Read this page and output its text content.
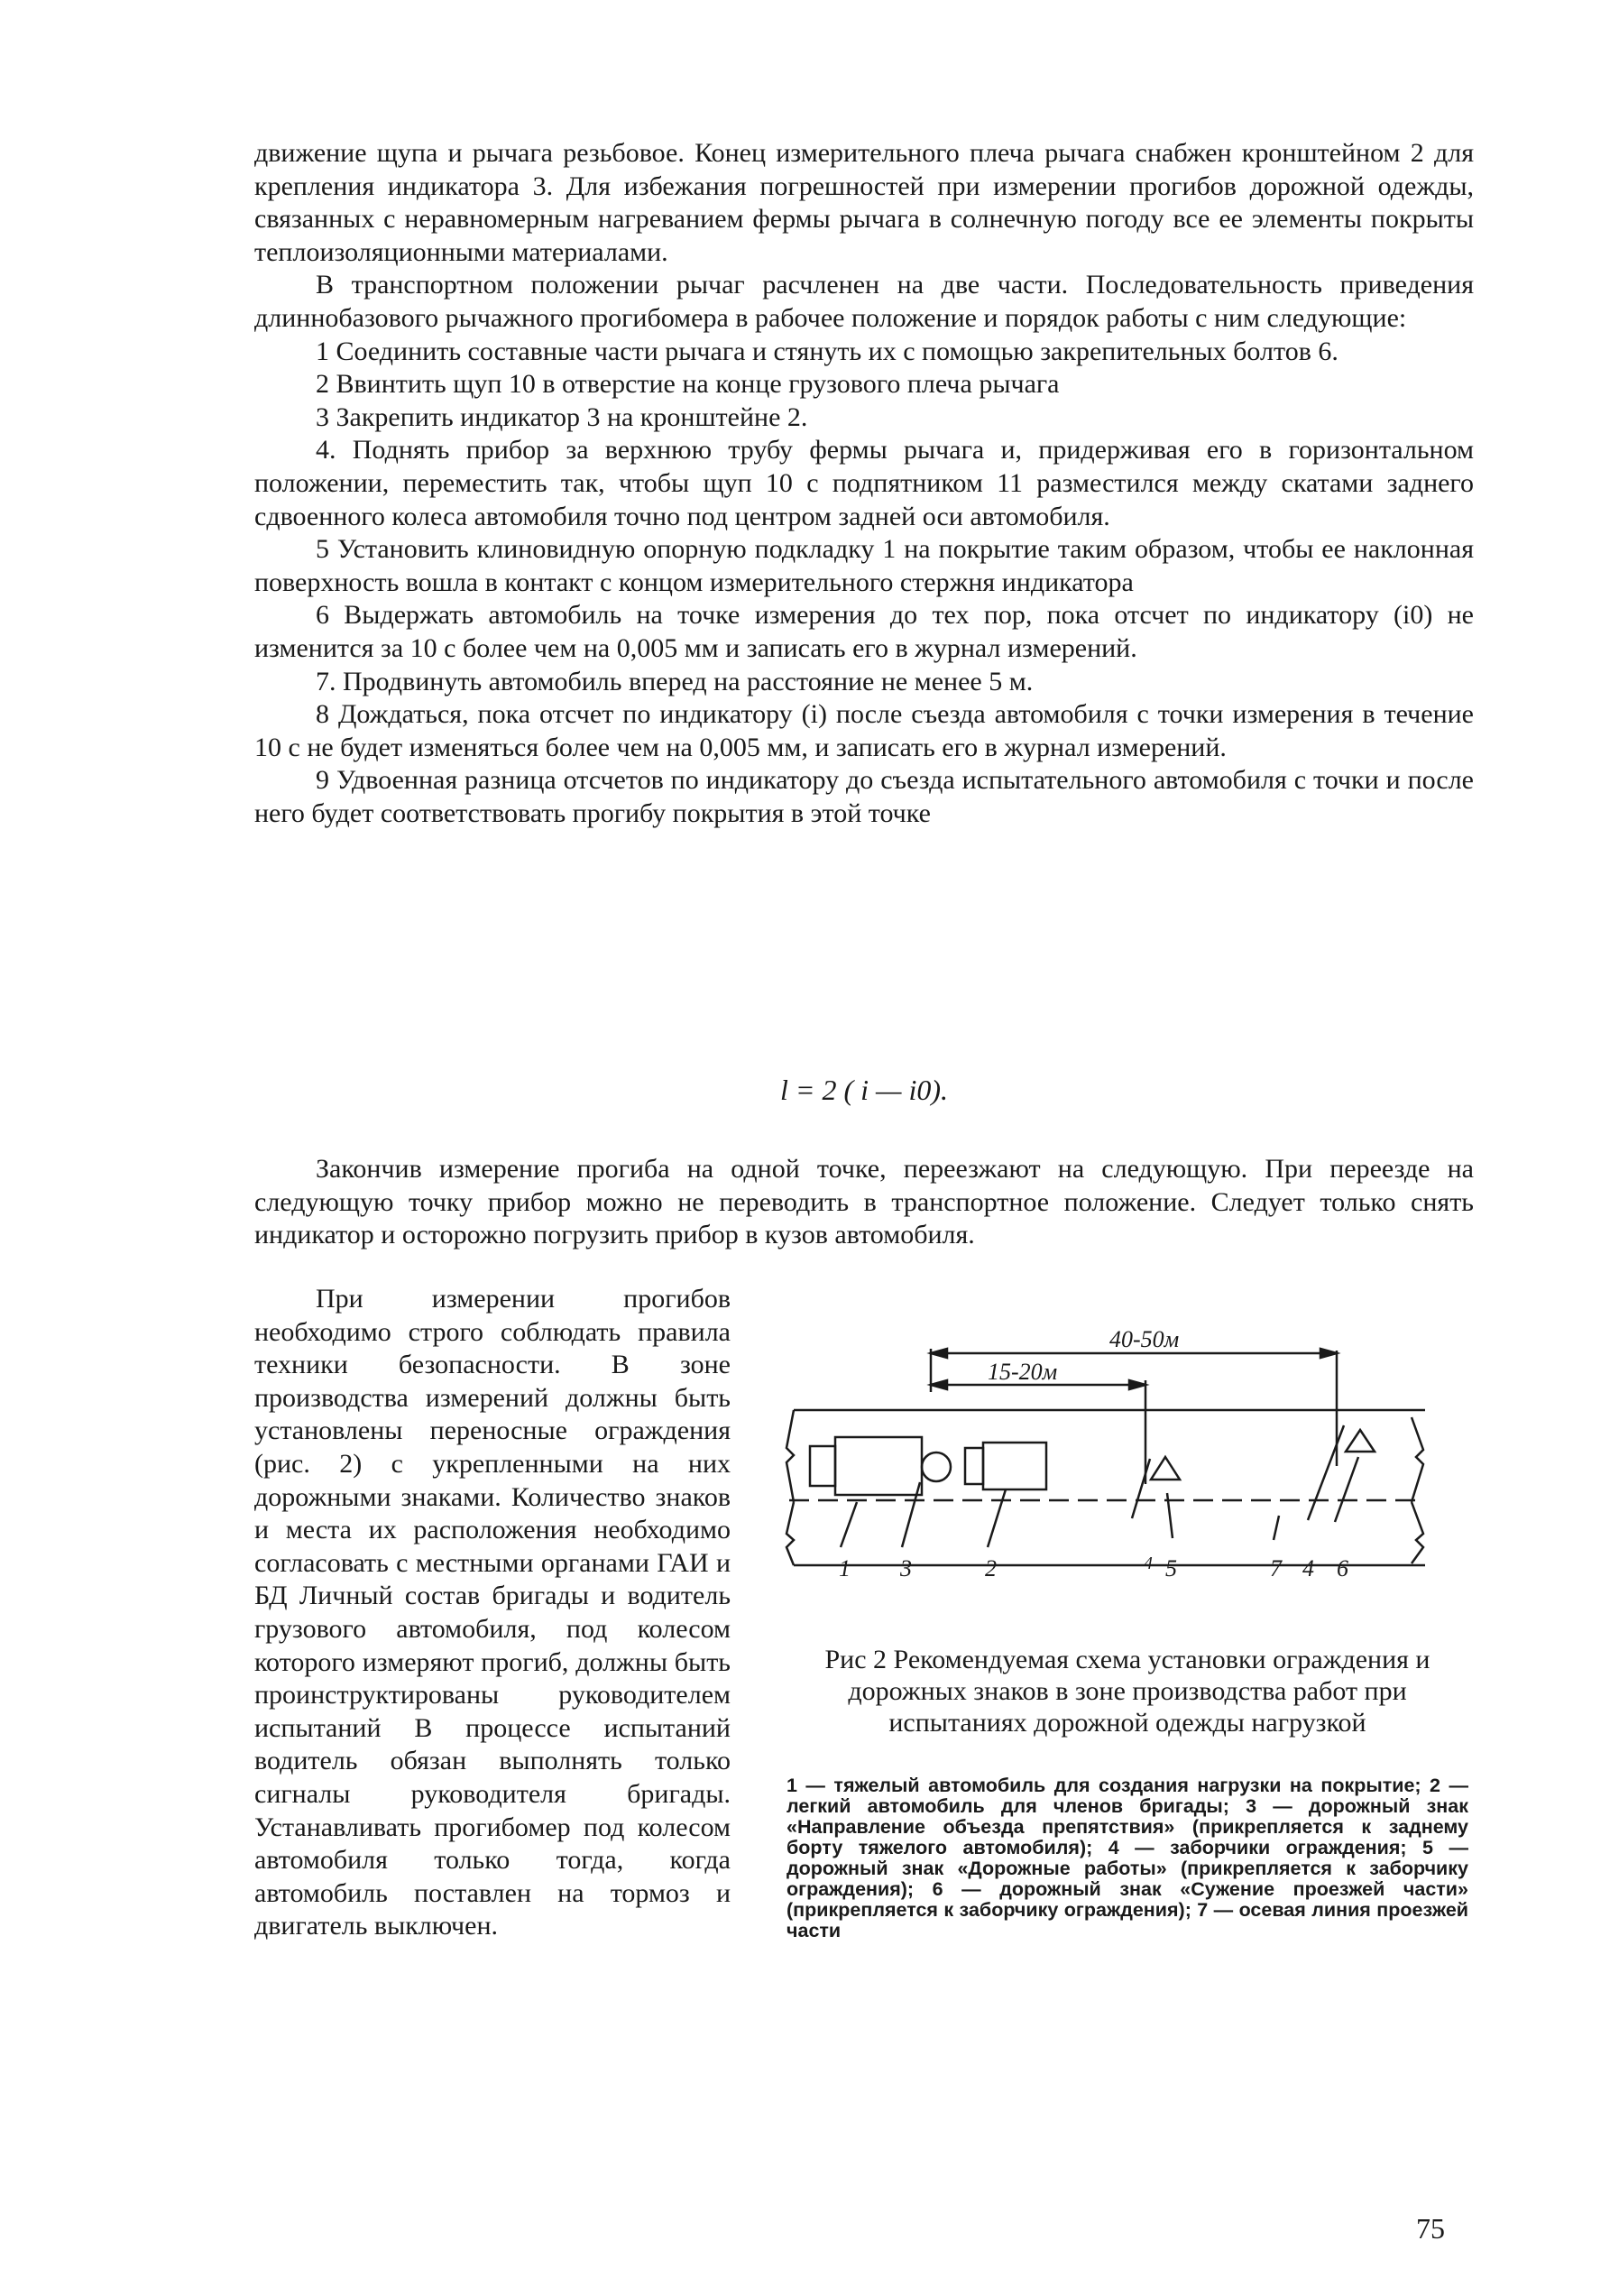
движение щупа и рычага резьбовое. Конец измерительного плеча рычага снабжен кронштейном 2 для крепления индикатора 3. Для избежания погрешностей при измерении прогибов дорожной одежды, связанных с неравномерным нагреванием фермы рычага в солнечную погоду все ее элементы покрыты теплоизоляционными материалами.

В транспортном положении рычаг расчленен на две части. Последовательность приведения длиннобазового рычажного прогибомера в рабочее положение и порядок работы с ним следующие:

1 Соединить составные части рычага и стянуть их с помощью закрепительных болтов 6.

2 Ввинтить щуп 10 в отверстие на конце грузового плеча рычага

3 Закрепить индикатор 3 на кронштейне 2.

4. Поднять прибор за верхнюю трубу фермы рычага и, придерживая его в горизонтальном положении, переместить так, чтобы щуп 10 с подпятником 11 разместился между скатами заднего сдвоенного колеса автомобиля точно под центром задней оси автомобиля.

5 Установить клиновидную опорную подкладку 1 на покрытие таким образом, чтобы ее наклонная поверхность вошла в контакт с концом измерительного стержня индикатора

6 Выдержать автомобиль на точке измерения до тех пор, пока отсчет по индикатору (i0) не изменится за 10 с более чем на 0,005 мм и записать его в журнал измерений.

7. Продвинуть автомобиль вперед на расстояние не менее 5 м.

8 Дождаться, пока отсчет по индикатору (i) после съезда автомобиля с точки измерения в течение 10 с не будет изменяться более чем на 0,005 мм, и записать его в журнал измерений.

9 Удвоенная разница отсчетов по индикатору до съезда испытательного автомобиля с точки и после него будет соответствовать прогибу покрытия в этой точке

l = 2 ( i — i0).

Закончив измерение прогиба на одной точке, переезжают на следующую. При переезде на следующую точку прибор можно не переводить в транспортное положение. Следует только снять индикатор и осторожно погрузить прибор в кузов автомобиля.

При измерении прогибов необходимо строго соблюдать правила техники безопасности. В зоне производства измерений должны быть установлены переносные ограждения (рис. 2) с укрепленными на них дорожными знаками. Количество знаков и места их расположения необходимо согласовать с местными органами ГАИ и БД Личный состав бригады и водитель грузового автомобиля, под колесом которого измеряют прогиб, должны быть проинструктированы руководителем испытаний В процессе испытаний водитель обязан выполнять только сигналы руководителя бригады. Устанавливать прогибомер под колесом автомобиля только тогда, когда автомобиль поставлен на тормоз и двигатель выключен.

40-50м
15-20м
1 3	2	4 5	7 4 6

Рис 2 Рекомендуемая схема установки ограждения и дорожных знаков в зоне производства работ при испытаниях дорожной одежды нагрузкой

1 — тяжелый автомобиль для создания нагрузки на покрытие; 2 — легкий автомобиль для членов бригады; 3 — дорожный знак «Направление объезда препятствия» (прикрепляется к заднему борту тяжелого автомобиля); 4 — заборчики ограждения; 5 — дорожный знак «Дорожные работы» (прикрепляется к заборчику ограждения); 6 — дорожный знак «Сужение проезжей части» (прикрепляется к заборчику ограждения); 7 — осевая линия проезжей части

75
